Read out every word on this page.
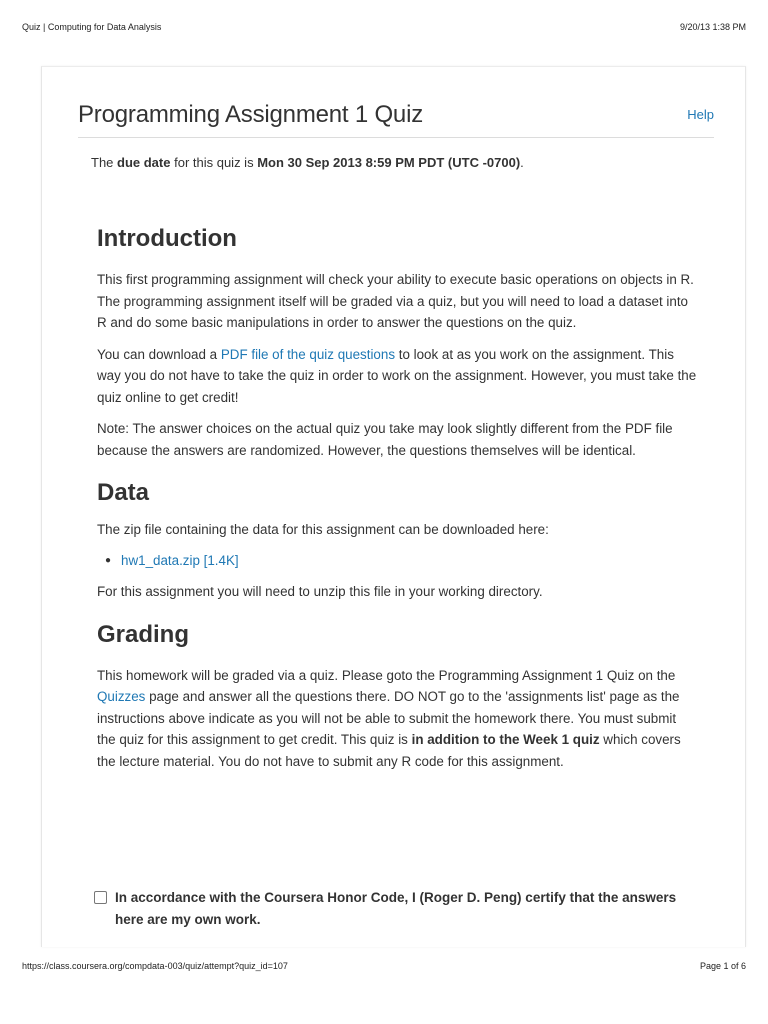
Quiz | Computing for Data Analysis	9/20/13 1:38 PM
Programming Assignment 1 Quiz	Help
The due date for this quiz is Mon 30 Sep 2013 8:59 PM PDT (UTC -0700).
Introduction

This first programming assignment will check your ability to execute basic operations on objects in R. The programming assignment itself will be graded via a quiz, but you will need to load a dataset into R and do some basic manipulations in order to answer the questions on the quiz.

You can download a PDF file of the quiz questions to look at as you work on the assignment. This way you do not have to take the quiz in order to work on the assignment. However, you must take the quiz online to get credit!

Note: The answer choices on the actual quiz you take may look slightly different from the PDF file because the answers are randomized. However, the questions themselves will be identical.

Data

The zip file containing the data for this assignment can be downloaded here:

● hw1_data.zip [1.4K]

For this assignment you will need to unzip this file in your working directory.

Grading

This homework will be graded via a quiz. Please goto the Programming Assignment 1 Quiz on the Quizzes page and answer all the questions there. DO NOT go to the 'assignments list' page as the instructions above indicate as you will not be able to submit the homework there. You must submit the quiz for this assignment to get credit. This quiz is in addition to the Week 1 quiz which covers the lecture material. You do not have to submit any R code for this assignment.

In accordance with the Coursera Honor Code, I (Roger D. Peng) certify that the answers here are my own work.
https://class.coursera.org/compdata-003/quiz/attempt?quiz_id=107	Page 1 of 6
